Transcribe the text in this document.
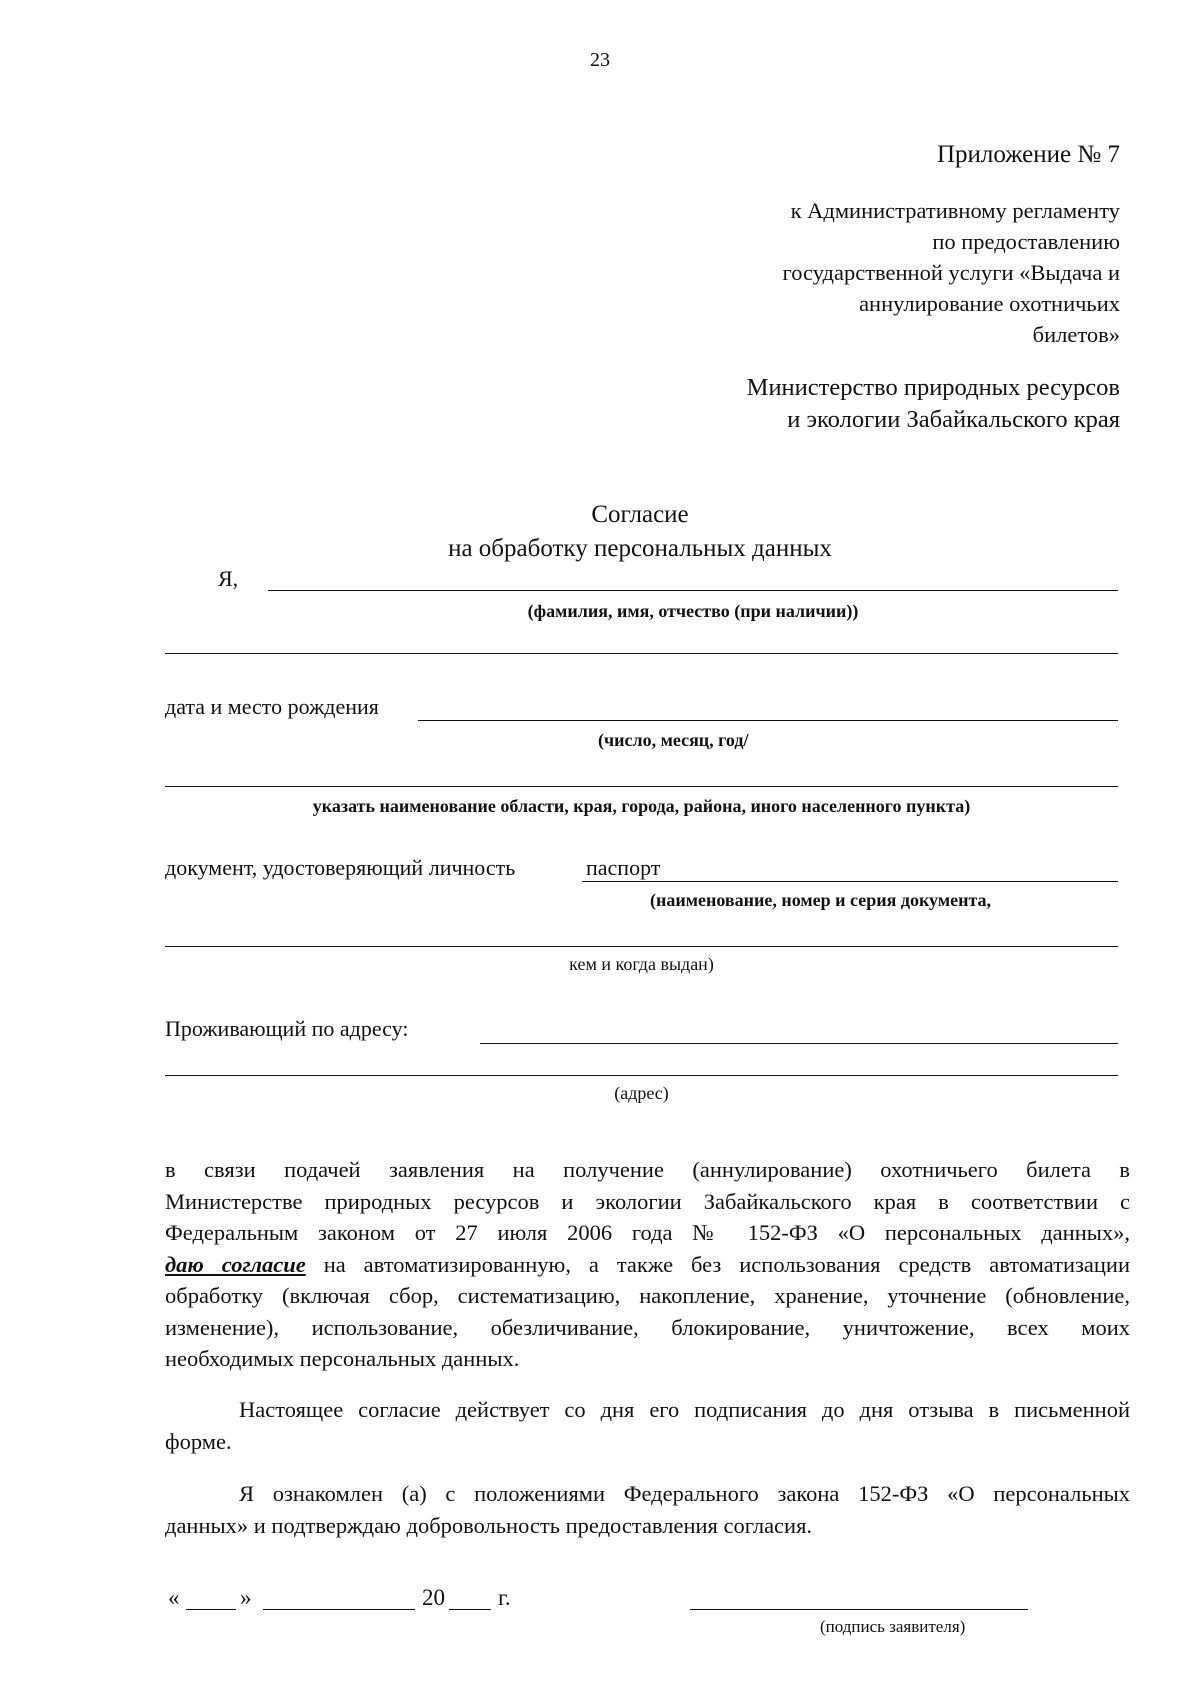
23
Приложение № 7
к Административному регламенту
по предоставлению
государственной услуги «Выдача и
аннулирование охотничьих
билетов»
Министерство природных ресурсов
и экологии Забайкальского края
Согласие
на обработку персональных данных
Я,
(фамилия, имя, отчество (при наличии))
дата и место рождения
(число, месяц, год/
указать наименование области, края, города, района, иного населенного пункта)
документ, удостоверяющий личность	паспорт
(наименование, номер и серия документа,
кем и когда выдан)
Проживающий по адресу:
(адрес)
в связи подачей заявления на получение (аннулирование) охотничьего билета в
Министерстве природных ресурсов и экологии Забайкальского края в соответствии с
Федеральным законом от 27 июля 2006 года № 152-ФЗ «О персональных данных»,
даю согласие на автоматизированную, а также без использования средств автоматизации
обработку (включая сбор, систематизацию, накопление, хранение, уточнение (обновление,
изменение), использование, обезличивание, блокирование, уничтожение, всех моих
необходимых персональных данных.
Настоящее согласие действует со дня его подписания до дня отзыва в письменной
форме.
Я ознакомлен (а) с положениями Федерального закона 152-ФЗ «О персональных
данных» и подтверждаю добровольность предоставления согласия.
«	»	20 г.
(подпись заявителя)
